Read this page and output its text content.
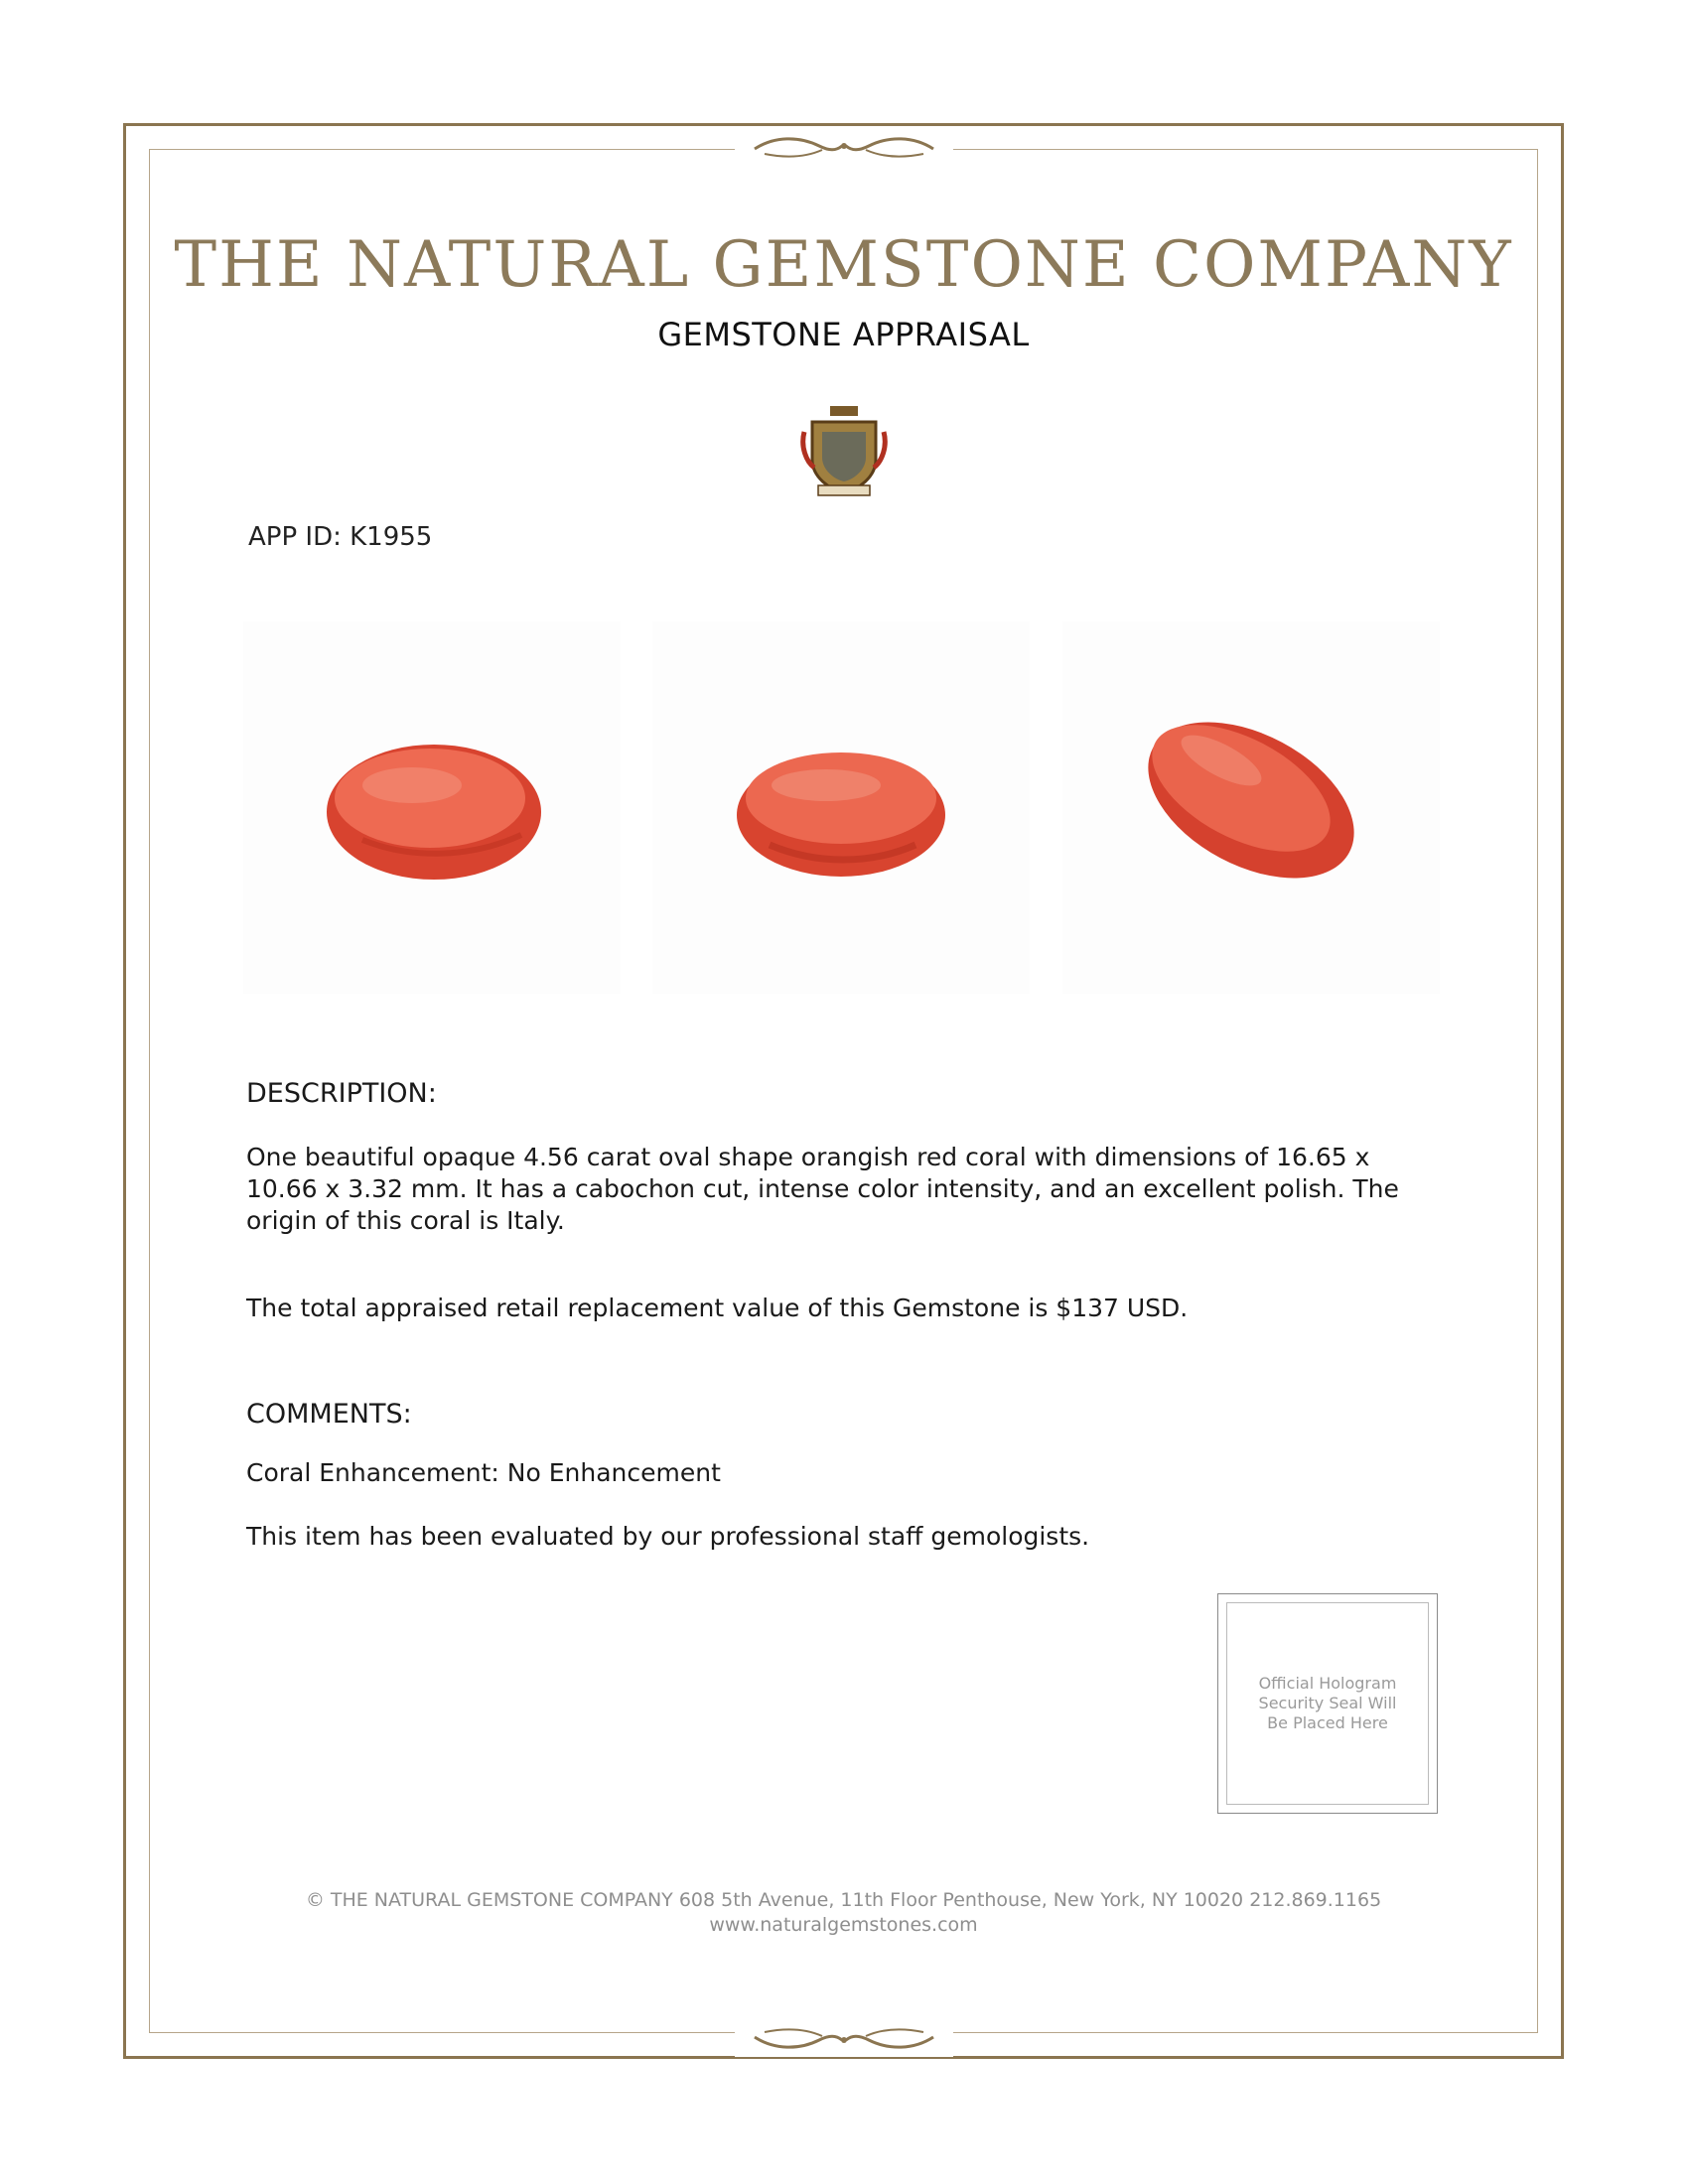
THE NATURAL GEMSTONE COMPANY
GEMSTONE APPRAISAL
APP ID: K1955
DESCRIPTION:
One beautiful opaque 4.56 carat oval shape orangish red coral with dimensions of 16.65 x 10.66 x 3.32 mm. It has a cabochon cut, intense color intensity, and an excellent polish. The origin of this coral is Italy.
The total appraised retail replacement value of this Gemstone is $137 USD.
COMMENTS:
Coral Enhancement: No Enhancement
This item has been evaluated by our professional staff gemologists.
Official Hologram Security Seal Will Be Placed Here
© THE NATURAL GEMSTONE COMPANY 608 5th Avenue, 11th Floor Penthouse, New York, NY 10020 212.869.1165
www.naturalgemstones.com
